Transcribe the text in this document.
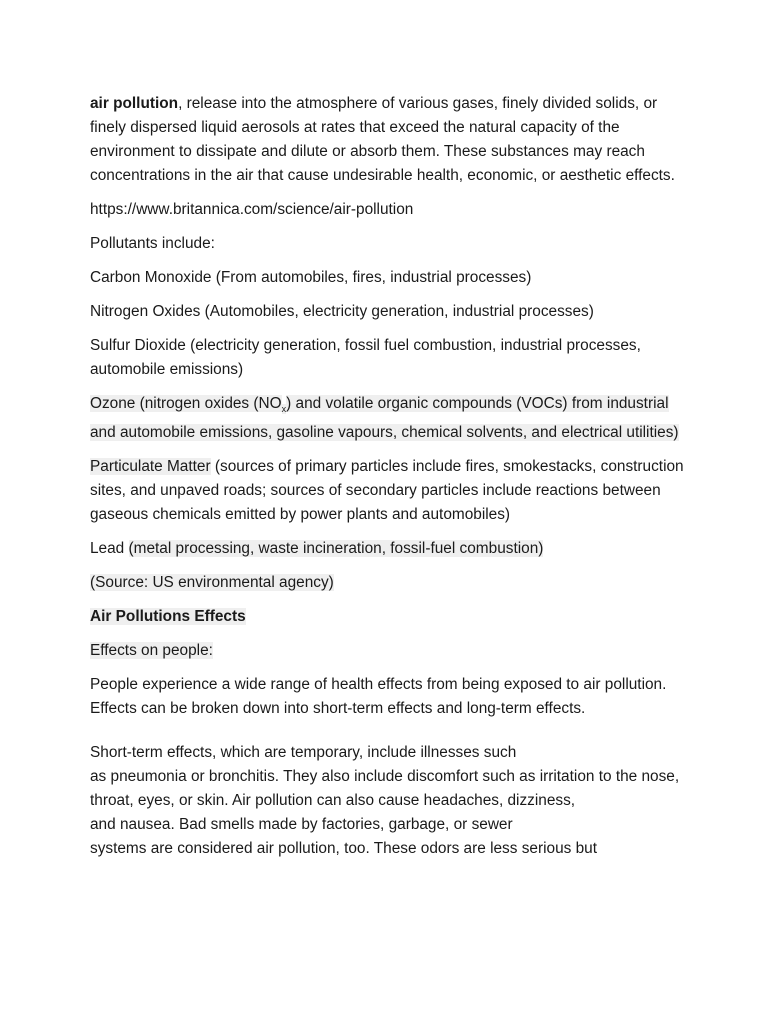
air pollution, release into the atmosphere of various gases, finely divided solids, or finely dispersed liquid aerosols at rates that exceed the natural capacity of the environment to dissipate and dilute or absorb them. These substances may reach concentrations in the air that cause undesirable health, economic, or aesthetic effects.

https://www.britannica.com/science/air-pollution

Pollutants include:

Carbon Monoxide (From automobiles, fires, industrial processes)

Nitrogen Oxides (Automobiles, electricity generation, industrial processes)

Sulfur Dioxide (electricity generation, fossil fuel combustion, industrial processes, automobile emissions)

Ozone (nitrogen oxides $(NO_x)$ and volatile organic compounds (VOCs) from industrial and automobile emissions, gasoline vapours, chemical solvents, and electrical utilities)

Particulate Matter (sources of primary particles include fires, smokestacks, construction sites, and unpaved roads; sources of secondary particles include reactions between gaseous chemicals emitted by power plants and automobiles)

Lead (metal processing, waste incineration, fossil-fuel combustion)

(Source: US environmental agency)

Air Pollutions Effects

Effects on people:

People experience a wide range of health effects from being exposed to air pollution. Effects can be broken down into short-term effects and long-term effects.

Short-term effects, which are temporary, include illnesses such
as pneumonia or bronchitis. They also include discomfort such as irritation to the nose, throat, eyes, or skin. Air pollution can also cause headaches, dizziness,
and nausea. Bad smells made by factories, garbage, or sewer
systems are considered air pollution, too. These odors are less serious but
